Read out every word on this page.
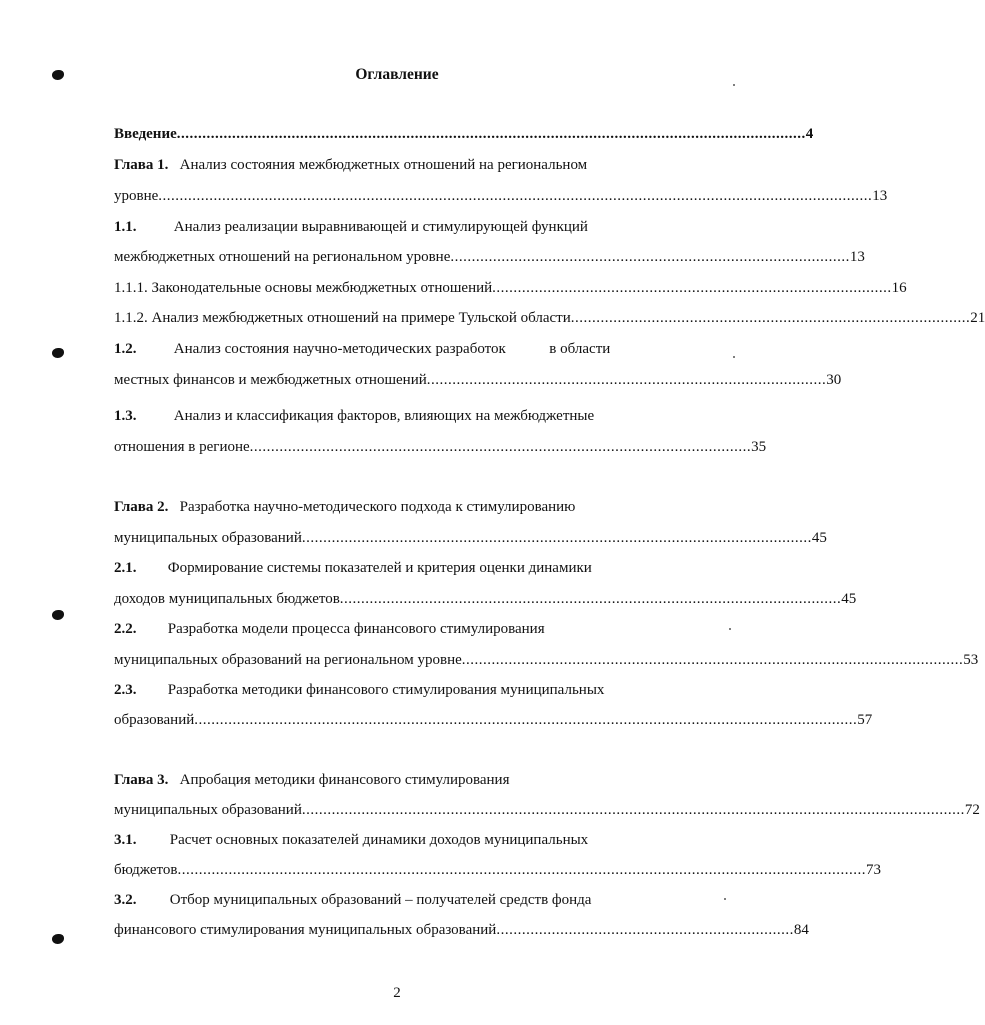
Оглавление
Введение .................................................................................................................................................... 4
Глава 1. Анализ состояния межбюджетных отношений на региональном
уровне ........................................................................................................................................................................ 13
1.1. Анализ реализации выравнивающей и стимулирующей функций
межбюджетных отношений на региональном уровне .............................................................................................. 13
1.1.1. Законодательные основы межбюджетных отношений .............................................................................................. 16
1.1.2. Анализ межбюджетных отношений на примере Тульской области .............................................................................................. 21
1.2. Анализ состояния научно-методических разработок	в области
местных финансов и межбюджетных отношений .............................................................................................. 30
1.3. Анализ и классификация факторов, влияющих на межбюджетные
отношения в регионе ...................................................................................................................... 35
Глава 2. Разработка научно-методического подхода к стимулированию
муниципальных образований ........................................................................................................................ 45
2.1. Формирование системы показателей и критерия оценки динамики
доходов муниципальных бюджетов ...................................................................................................................... 45
2.2. Разработка модели процесса финансового стимулирования
муниципальных образований на региональном уровне ...................................................................................................................... 53
2.3. Разработка методики финансового стимулирования муниципальных
образований ............................................................................................................................................................ 57
Глава 3. Апробация методики финансового стимулирования
муниципальных образований ............................................................................................................................................................ 72
3.1. Расчет основных показателей динамики доходов муниципальных
бюджетов .................................................................................................................................................................. 73
3.2. Отбор муниципальных образований – получателей средств фонда
финансового стимулирования муниципальных образований ...................................................................... 84
2
